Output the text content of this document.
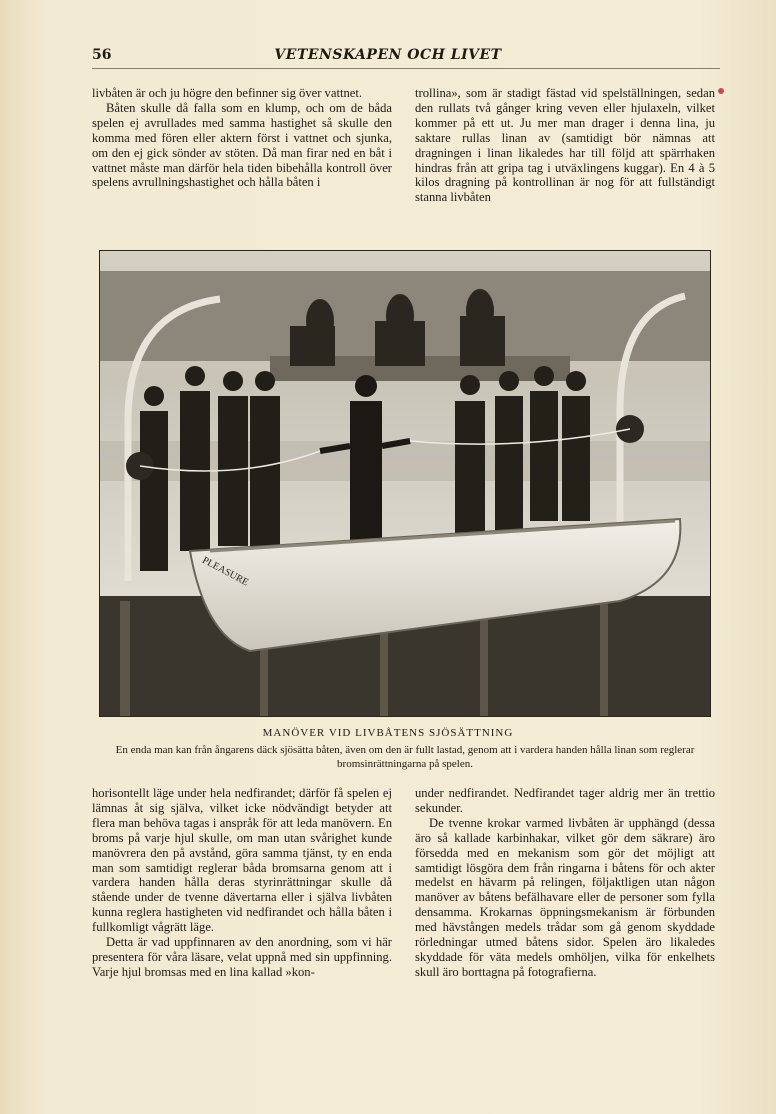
56	VETENSKAPEN OCH LIVET

livbåten är och ju högre den befinner sig över vattnet.

Båten skulle då falla som en klump, och om de båda spelen ej avrullades med samma hastighet så skulle den komma med fören eller aktern först i vattnet och sjunka, om den ej gick sönder av stöten. Då man firar ned en båt i vattnet måste man därför hela tiden bibehålla kontroll över spelens avrullningshastighet och hålla båten i

trollina», som är stadigt fästad vid spelställningen, sedan den rullats två gånger kring veven eller hjulaxeln, vilket kommer på ett ut. Ju mer man drager i denna lina, ju saktare rullas linan av (samtidigt bör nämnas att dragningen i linan likaledes har till följd att spärrhaken hindras från att gripa tag i utväxlingens kuggar). En 4 à 5 kilos dragning på kontrollinan är nog för att fullständigt stanna livbåten

PLEASURE
MANÖVER VID LIVBÅTENS SJÖSÄTTNING
En enda man kan från ångarens däck sjösätta båten, även om den är fullt lastad, genom att i vardera handen hålla linan som reglerar bromsinrättningarna på spelen.

horisontellt läge under hela nedfirandet; därför få spelen ej lämnas åt sig själva, vilket icke nödvändigt betyder att flera man behöva tagas i anspråk för att leda manövern. En broms på varje hjul skulle, om man utan svårighet kunde manövrera den på avstånd, göra samma tjänst, ty en enda man som samtidigt reglerar båda bromsarna genom att i vardera handen hålla deras styrinrättningar skulle då stående under de tvenne dävertarna eller i själva livbåten kunna reglera hastigheten vid nedfirandet och hålla båten i fullkomligt vågrätt läge.

Detta är vad uppfinnaren av den anordning, som vi här presentera för våra läsare, velat uppnå med sin uppfinning. Varje hjul bromsas med en lina kallad »kon-

under nedfirandet. Nedfirandet tager aldrig mer än trettio sekunder.

De tvenne krokar varmed livbåten är upphängd (dessa äro så kallade karbinhakar, vilket gör dem säkrare) äro försedda med en mekanism som gör det möjligt att samtidigt lösgöra dem från ringarna i båtens för och akter medelst en hävarm på relingen, följaktligen utan någon manöver av båtens befälhavare eller de personer som fylla densamma. Krokarnas öppningsmekanism är förbunden med hävstången medels trådar som gå genom skyddade rörledningar utmed båtens sidor. Spelen äro likaledes skyddade för väta medels omhöljen, vilka för enkelhets skull äro borttagna på fotografierna.
